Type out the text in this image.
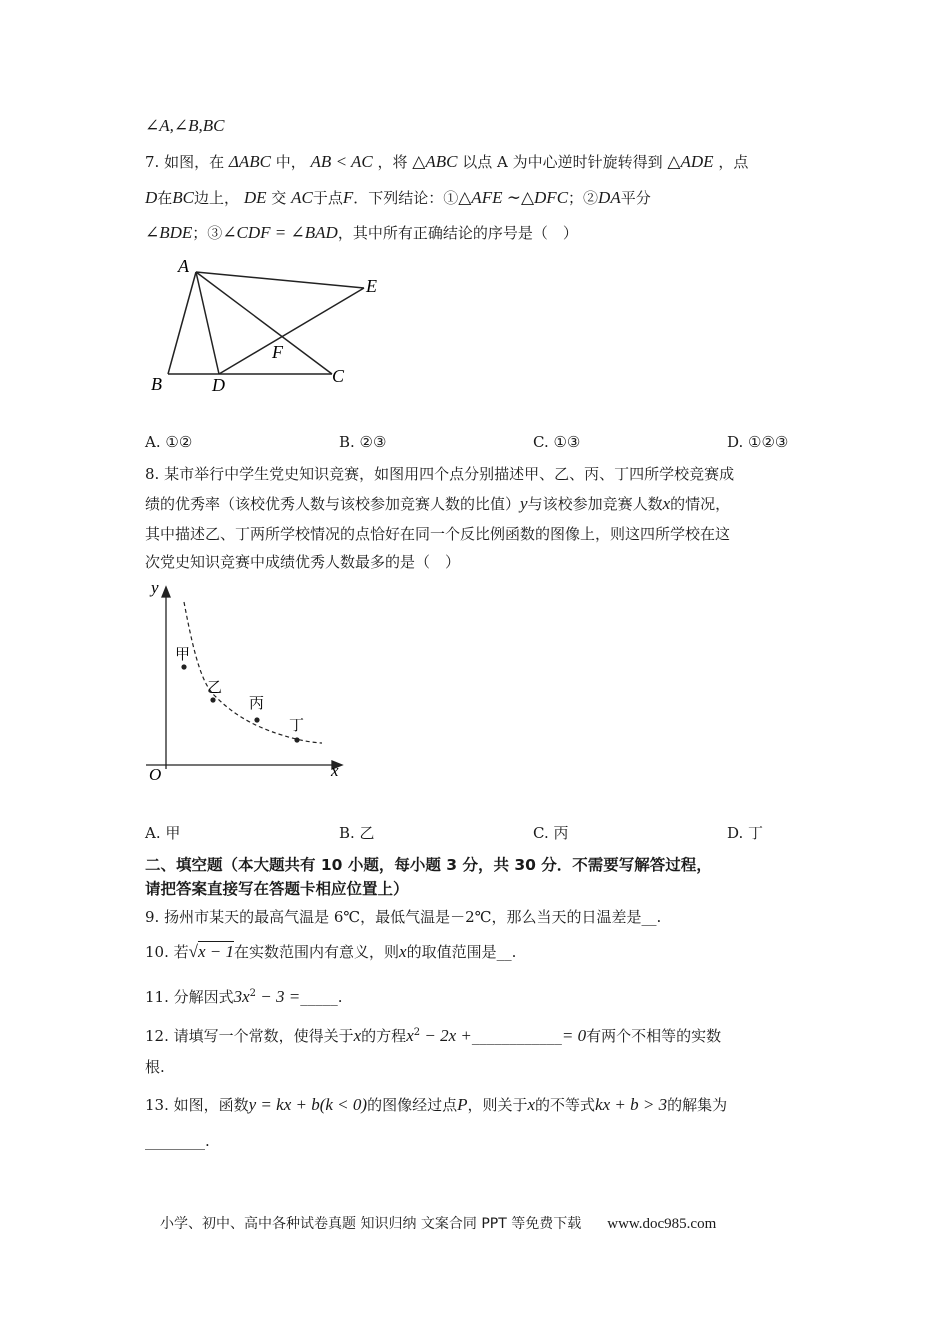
∠A,∠B,BC
7. 如图，在 ΔABC 中， AB < AC ，将 △ABC 以点 A 为中心逆时针旋转得到 △ADE ，点
D在BC边上， DE 交 AC于点F．下列结论：①△AFE ∼△DFC；②DA平分
∠BDE；③∠CDF = ∠BAD，其中所有正确结论的序号是（　）
A
B	C
D
E
F
A. ①②	B. ②③	C. ①③	D. ①②③
8. 某市举行中学生党史知识竞赛，如图用四个点分别描述甲、乙、丙、丁四所学校竞赛成
绩的优秀率（该校优秀人数与该校参加竞赛人数的比值）y与该校参加竞赛人数x的情况，
其中描述乙、丁两所学校情况的点恰好在同一个反比例函数的图像上，则这四所学校在这
次党史知识竞赛中成绩优秀人数最多的是（　）
y
x
O
甲
乙
丙
丁
A. 甲	B. 乙	C. 丙	D. 丁
二、填空题（本大题共有 10 小题，每小题 3 分，共 30 分．不需要写解答过程，
请把答案直接写在答题卡相应位置上）
9. 扬州市某天的最高气温是 6℃，最低气温是－2℃，那么当天的日温差是__.
10. 若√x − 1在实数范围内有意义，则x的取值范围是__.
11. 分解因式$3x^2 - 3$ =_____.
12. 请填写一个常数，使得关于x的方程$x^2 - 2x$ +____________= 0有两个不相等的实数
根.
13. 如图，函数y = kx + b(k < 0)的图像经过点P，则关于x的不等式kx + b > 3的解集为
________.
小学、初中、高中各种试卷真题 知识归纳 文案合同 PPT 等免费下载 www.doc985.com
